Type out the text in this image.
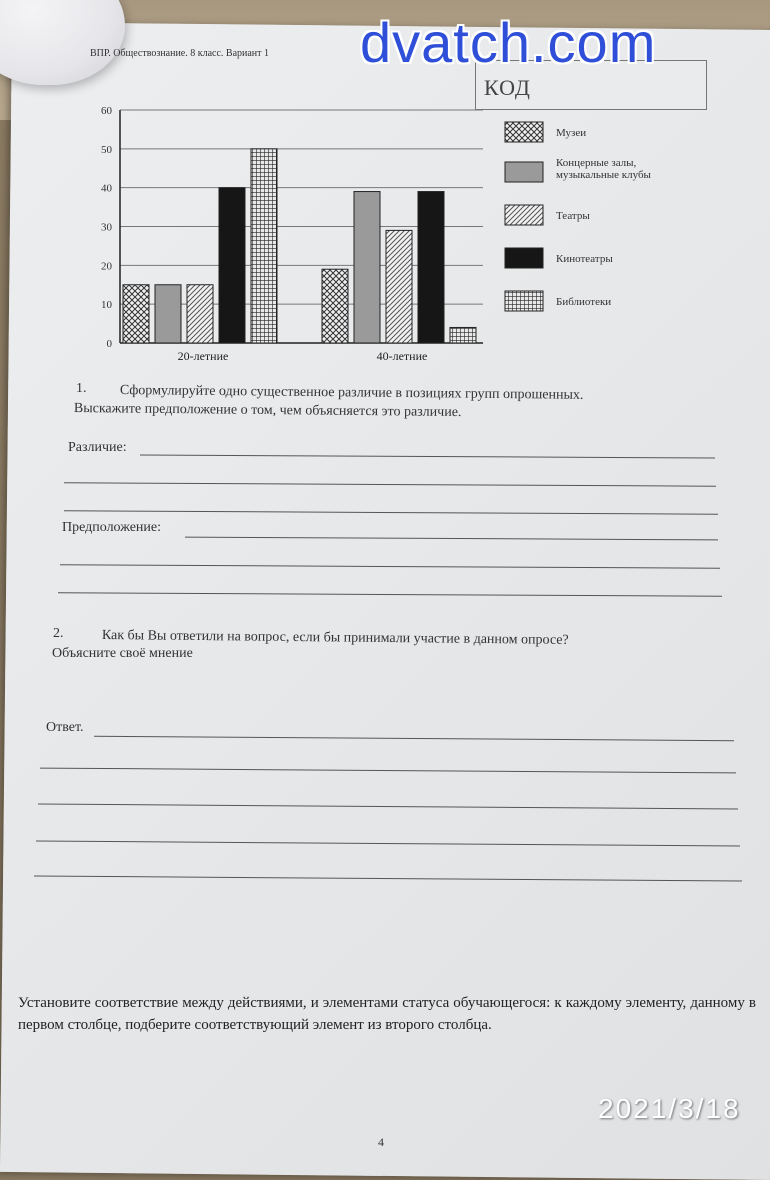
ВПР. Обществознание. 8 класс. Вариант 1
КОД
0
10
20
30
40
50
60
20-летние	40-летние
Музеи
Концерные залы,
музыкальные клубы
Театры
Кинотеатры
Библиотеки
1. Сформулируйте одно существенное различие в позициях групп опрошенных.
Выскажите предположение о том, чем объясняется это различие.
Различие:
Предположение:
2.	Как бы Вы ответили на вопрос, если бы принимали участие в данном опросе?
Объясните своё мнение
Ответ.
Установите соответствие между действиями, и элементами статуса обучающегося: к каждому элементу, данному в первом столбце, подберите соответствующий элемент из второго столбца.
4
dvatch.com
2021/3/18
